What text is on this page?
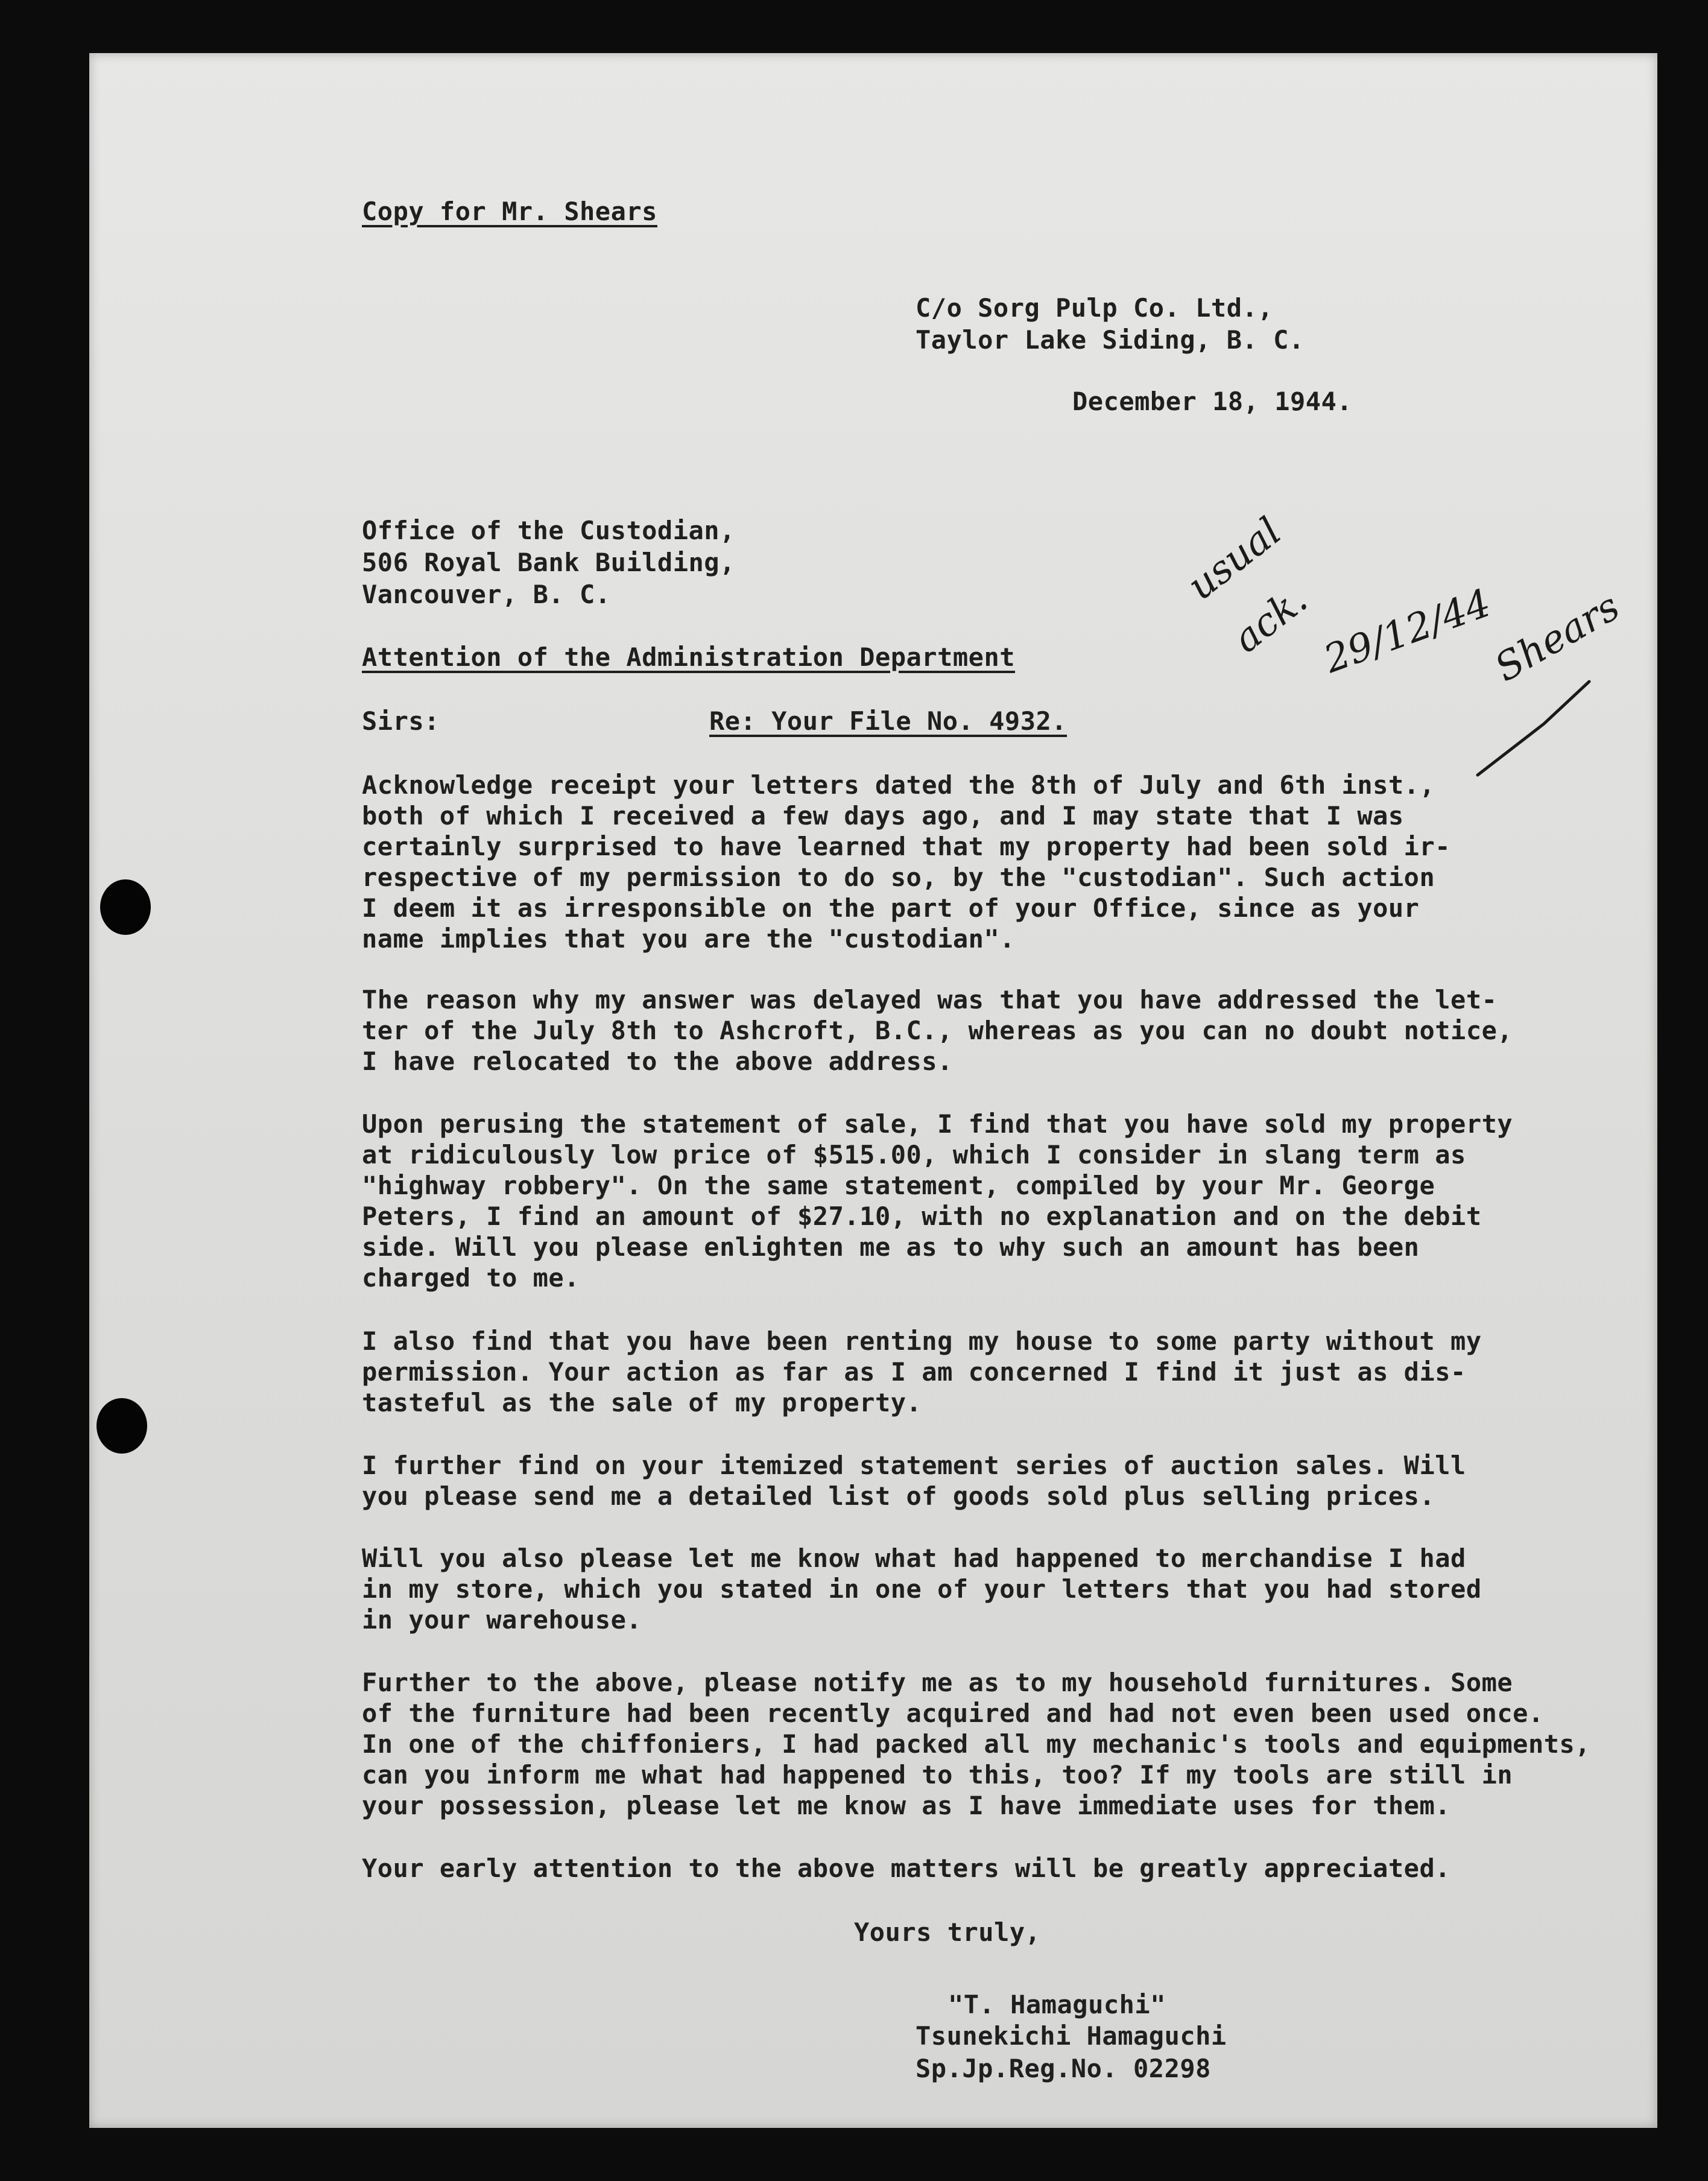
Copy for Mr. Shears
C/o Sorg Pulp Co. Ltd.,
Taylor Lake Siding, B. C.
December 18, 1944.
Office of the Custodian,
506 Royal Bank Building,
Vancouver, B. C.
Attention of the Administration Department
Sirs:	Re: Your File No. 4932.
usual
ack. 29/12/44
Shears
Acknowledge receipt your letters dated the 8th of July and 6th inst.,
both of which I received a few days ago, and I may state that I was
certainly surprised to have learned that my property had been sold ir-
respective of my permission to do so, by the "custodian". Such action
I deem it as irresponsible on the part of your Office, since as your
name implies that you are the "custodian".
The reason why my answer was delayed was that you have addressed the let-
ter of the July 8th to Ashcroft, B.C., whereas as you can no doubt notice,
I have relocated to the above address.
Upon perusing the statement of sale, I find that you have sold my property
at ridiculously low price of $515.00, which I consider in slang term as
"highway robbery". On the same statement, compiled by your Mr. George
Peters, I find an amount of $27.10, with no explanation and on the debit
side. Will you please enlighten me as to why such an amount has been
charged to me.
I also find that you have been renting my house to some party without my
permission. Your action as far as I am concerned I find it just as dis-
tasteful as the sale of my property.
I further find on your itemized statement series of auction sales. Will
you please send me a detailed list of goods sold plus selling prices.
Will you also please let me know what had happened to merchandise I had
in my store, which you stated in one of your letters that you had stored
in your warehouse.
Further to the above, please notify me as to my household furnitures. Some
of the furniture had been recently acquired and had not even been used once.
In one of the chiffoniers, I had packed all my mechanic's tools and equipments,
can you inform me what had happened to this, too? If my tools are still in
your possession, please let me know as I have immediate uses for them.
Your early attention to the above matters will be greatly appreciated.
Yours truly,
"T. Hamaguchi"
Tsunekichi Hamaguchi
Sp.Jp.Reg.No. 02298
